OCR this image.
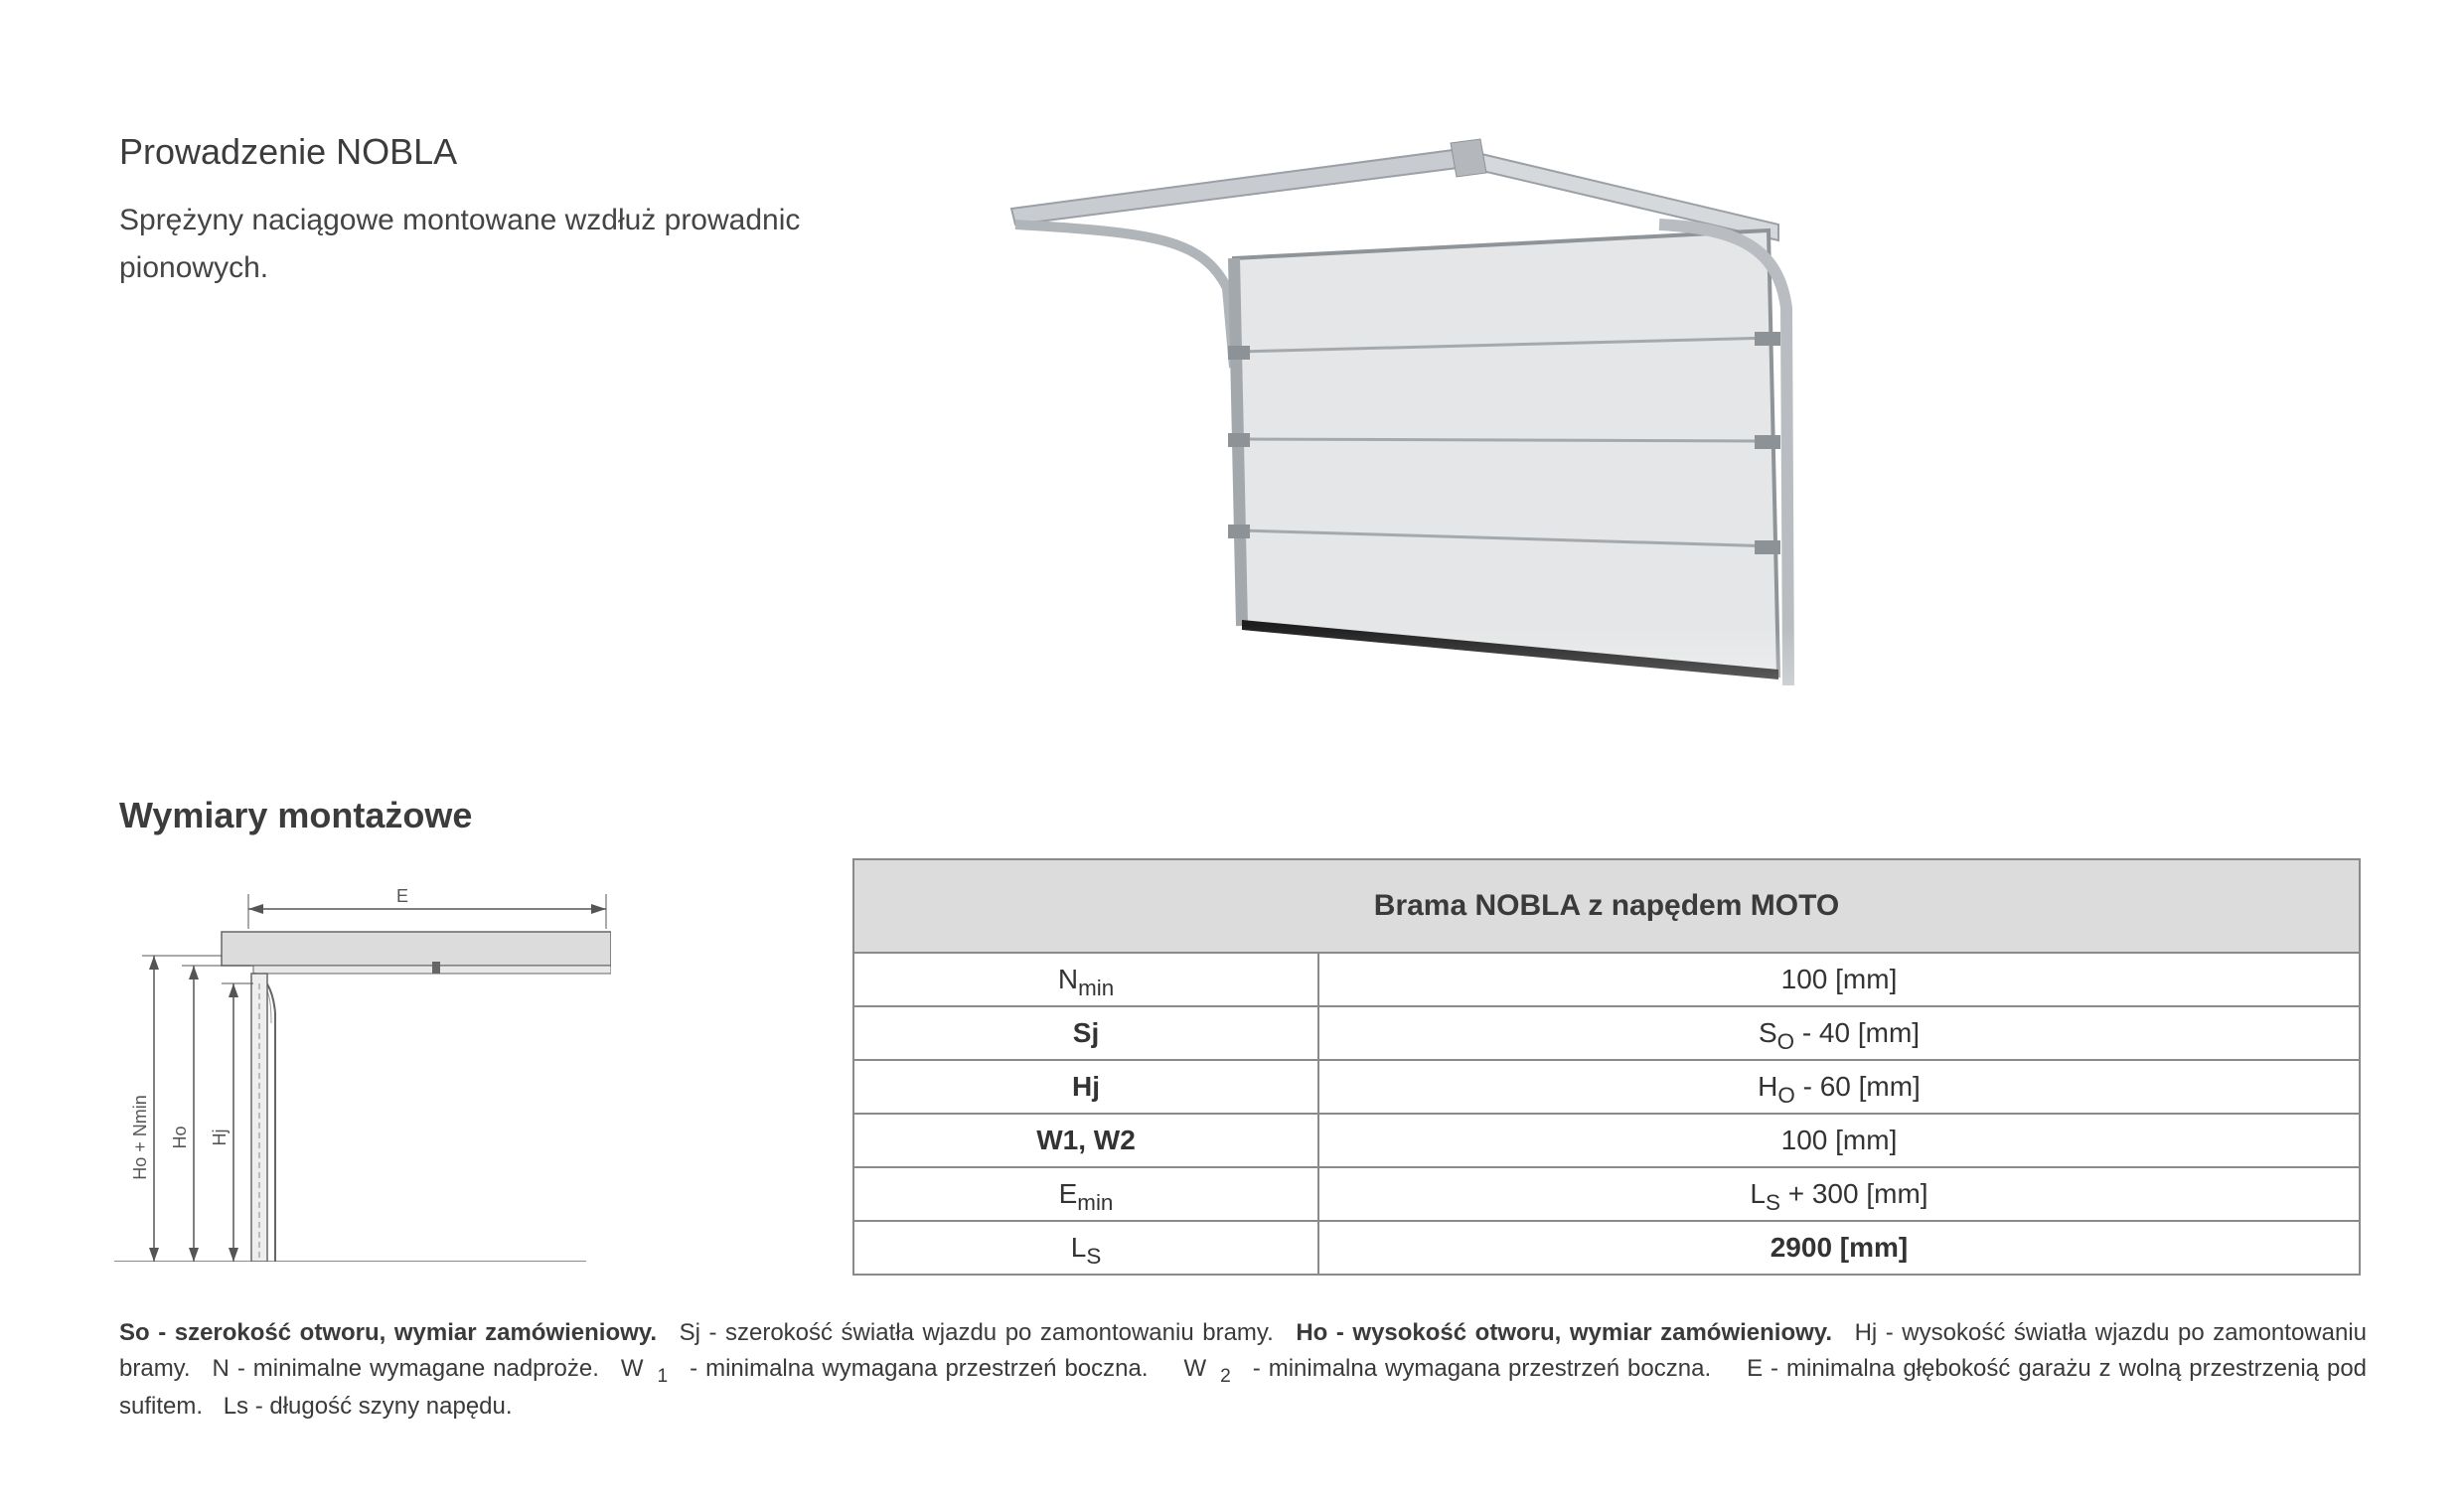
Prowadzenie NOBLA
Sprężyny naciągowe montowane wzdłuż prowadnic pionowych.
Wymiary montażowe
E
Ho + Nmin Ho Hj
Brama NOBLA z napędem MOTO	
$N_{min}$	100 [mm]
Sj	$S_O - 40$ [mm]
Hj	$H_O - 60$ [mm]
W1, W2	100 [mm]
$E_{min}$	$L_S + 300$ [mm]
$L_S$	2900 [mm]
So - szerokość otworu, wymiar zamówieniowy. Sj - szerokość światła wjazdu po zamontowaniu bramy. Ho - wysokość otworu, wymiar zamówieniowy. Hj - wysokość światła wjazdu po zamontowaniu bramy. N - minimalne wymagane nadproże. W $_1$ - minimalna wymagana przestrzeń boczna. W $_2$ - minimalna wymagana przestrzeń boczna. E - minimalna głębokość garażu z wolną przestrzenią pod sufitem. Ls - długość szyny napędu.
